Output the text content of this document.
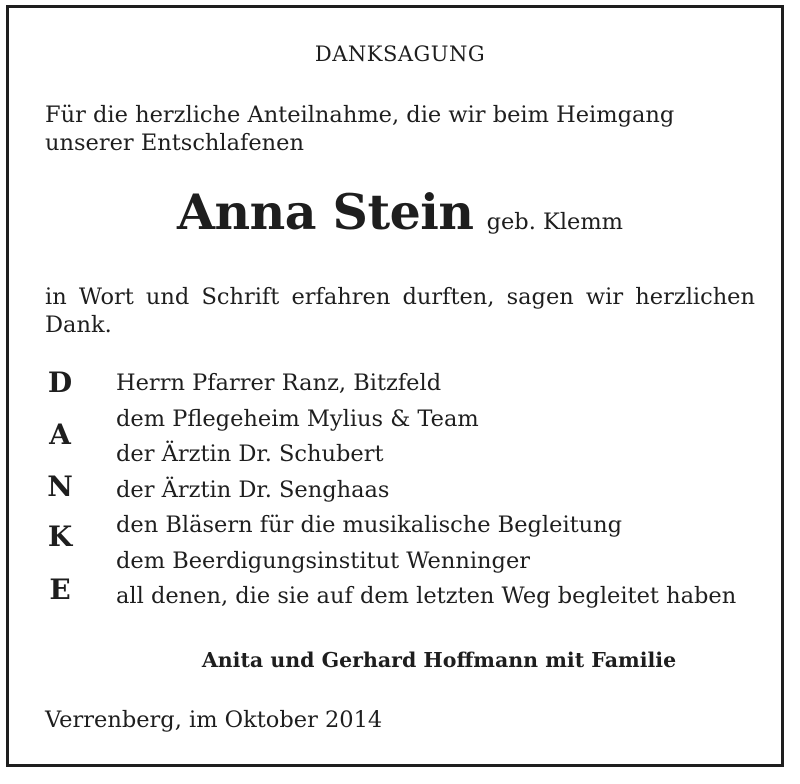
DANKSAGUNG
Für die herzliche Anteilnahme, die wir beim Heimgang unserer Entschlafenen
Anna Stein geb. Klemm
in Wort und Schrift erfahren durften, sagen wir herzlichen Dank.
D
A
N
K
E
Herrn Pfarrer Ranz, Bitzfeld
dem Pflegeheim Mylius & Team
der Ärztin Dr. Schubert
der Ärztin Dr. Senghaas
den Bläsern für die musikalische Begleitung
dem Beerdigungsinstitut Wenninger
all denen, die sie auf dem letzten Weg begleitet haben
Anita und Gerhard Hoffmann mit Familie
Verrenberg, im Oktober 2014
